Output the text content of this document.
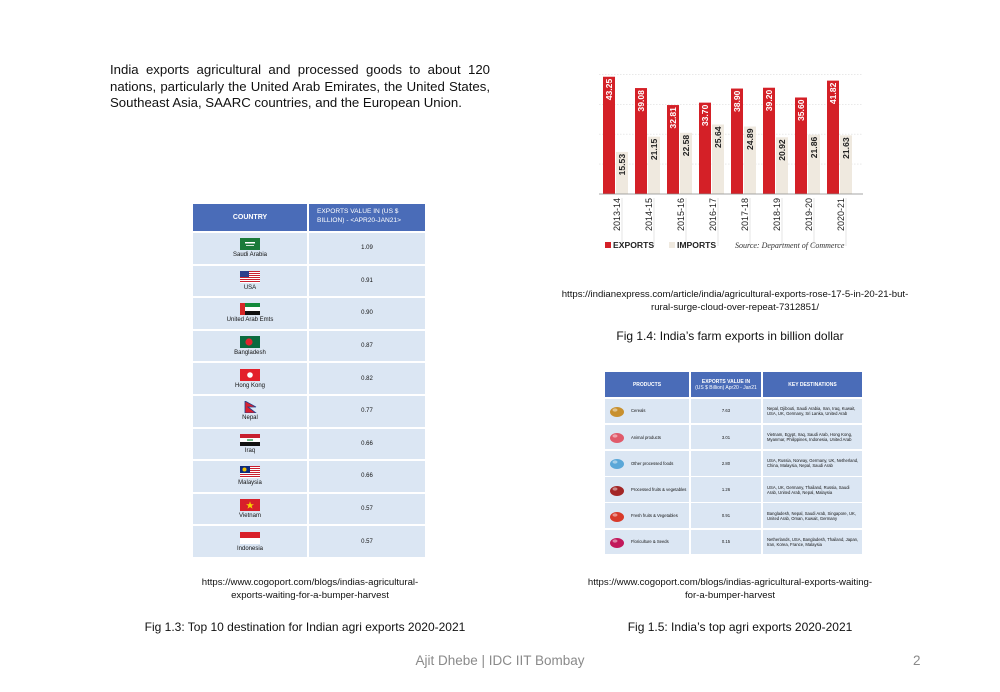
India exports agricultural and processed goods to about 120 nations, particularly the United Arab Emirates, the United States, Southeast Asia, SAARC countries, and the European Union.
COUNTRY
EXPORTS VALUE IN (US $ BILLION) - <APR20-JAN21>
Saudi Arabia
1.09
USA
0.91
United Arab Emts
0.90
Bangladesh
0.87
Hong Kong
0.82
Nepal
0.77
Iraq
0.66
Malaysia
0.66
Vietnam
0.57
Indonesia
0.57
https://www.cogoport.com/blogs/indias-agricultural-
exports-waiting-for-a-bumper-harvest
Fig 1.3: Top 10 destination for Indian agri exports 2020-2021
43.25
15.53
2013-14
39.08
21.15
2014-15
32.81
22.58
2015-16
33.70
25.64
2016-17
38.90
24.89
2017-18
39.20
20.92
2018-19
35.60
21.86
2019-20
41.82
21.63
2020-21
EXPORTS	IMPORTS Source: Department of Commerce
https://indianexpress.com/article/india/agricultural-exports-rose-17-5-in-20-21-but-
rural-surge-cloud-over-repeat-7312851/
Fig 1.4: India’s farm exports in billion dollar
PRODUCTS	EXPORTS VALUE IN
(US $ Billion) Apr20 - Jan21	KEY DESTINATIONS
Cereals	7.63	Nepal, Djibouti, Saudi Arabia, Iran, Iraq, Kuwait, USA, UK, Germany, Sri Lanka, United Arab
Animal products	3.01	Vietnam, Egypt, Iraq, Saudi Arab, Hong Kong, Myanmar, Philippines, Indonesia, United Arab
Other processed foods	2.80	USA, Russia, Norway, Germany, UK, Netherland, China, Malaysia, Nepal, Saudi Arab
Processed fruits & vegetables	1.26	USA, UK, Germany, Thailand, Russia, Saudi Arab, United Arab, Nepal, Malaysia
Fresh fruits & Vegetables	0.91	Bangladesh, Nepal, Saudi Arab, Singapore, UK, United Arab, Oman, Kuwait, Germany
Floriculture & Seeds	0.15	Netherlands, USA, Bangladesh, Thailand, Japan, Iran, Korea, France, Malaysia
https://www.cogoport.com/blogs/indias-agricultural-exports-waiting-
for-a-bumper-harvest
Fig 1.5: India’s top agri exports 2020-2021
Ajit Dhebe | IDC IIT Bombay	2
